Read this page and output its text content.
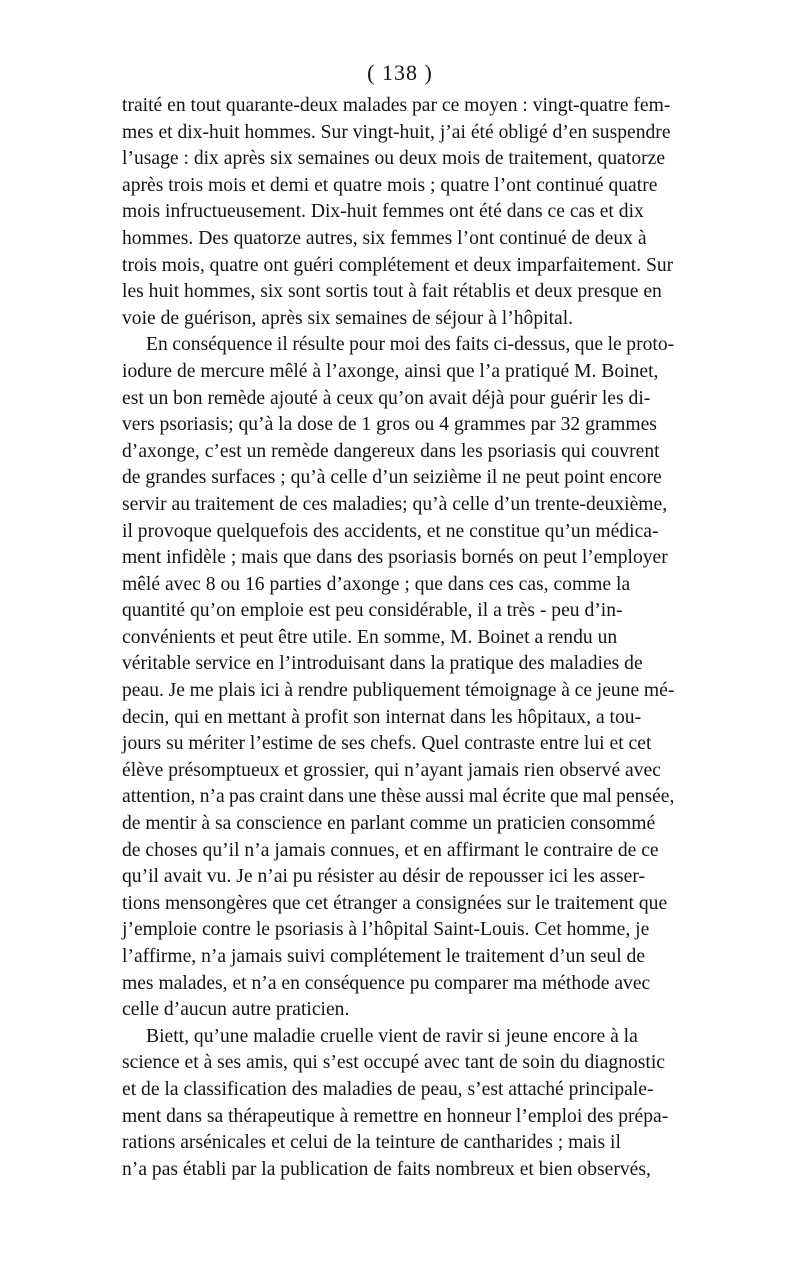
( 138 )
traité en tout quarante-deux malades par ce moyen : vingt-quatre fem-
mes et dix-huit hommes. Sur vingt-huit, j’ai été obligé d’en suspendre
l’usage : dix après six semaines ou deux mois de traitement, quatorze
après trois mois et demi et quatre mois ; quatre l’ont continué quatre
mois infructueusement. Dix-huit femmes ont été dans ce cas et dix
hommes. Des quatorze autres, six femmes l’ont continué de deux à
trois mois, quatre ont guéri complétement et deux imparfaitement. Sur
les huit hommes, six sont sortis tout à fait rétablis et deux presque en
voie de guérison, après six semaines de séjour à l’hôpital.
En conséquence il résulte pour moi des faits ci-dessus, que le proto-
iodure de mercure mêlé à l’axonge, ainsi que l’a pratiqué M. Boinet,
est un bon remède ajouté à ceux qu’on avait déjà pour guérir les di-
vers psoriasis; qu’à la dose de 1 gros ou 4 grammes par 32 grammes
d’axonge, c’est un remède dangereux dans les psoriasis qui couvrent
de grandes surfaces ; qu’à celle d’un seizième il ne peut point encore
servir au traitement de ces maladies; qu’à celle d’un trente-deuxième,
il provoque quelquefois des accidents, et ne constitue qu’un médica-
ment infidèle ; mais que dans des psoriasis bornés on peut l’employer
mêlé avec 8 ou 16 parties d’axonge ; que dans ces cas, comme la
quantité qu’on emploie est peu considérable, il a très - peu d’in-
convénients et peut être utile. En somme, M. Boinet a rendu un
véritable service en l’introduisant dans la pratique des maladies de
peau. Je me plais ici à rendre publiquement témoignage à ce jeune mé-
decin, qui en mettant à profit son internat dans les hôpitaux, a tou-
jours su mériter l’estime de ses chefs. Quel contraste entre lui et cet
élève présomptueux et grossier, qui n’ayant jamais rien observé avec
attention, n’a pas craint dans une thèse aussi mal écrite que mal pensée,
de mentir à sa conscience en parlant comme un praticien consommé
de choses qu’il n’a jamais connues, et en affirmant le contraire de ce
qu’il avait vu. Je n’ai pu résister au désir de repousser ici les asser-
tions mensongères que cet étranger a consignées sur le traitement que
j’emploie contre le psoriasis à l’hôpital Saint-Louis. Cet homme, je
l’affirme, n’a jamais suivi complétement le traitement d’un seul de
mes malades, et n’a en conséquence pu comparer ma méthode avec
celle d’aucun autre praticien.
Biett, qu’une maladie cruelle vient de ravir si jeune encore à la
science et à ses amis, qui s’est occupé avec tant de soin du diagnostic
et de la classification des maladies de peau, s’est attaché principale-
ment dans sa thérapeutique à remettre en honneur l’emploi des prépa-
rations arsénicales et celui de la teinture de cantharides ; mais il
n’a pas établi par la publication de faits nombreux et bien observés,
